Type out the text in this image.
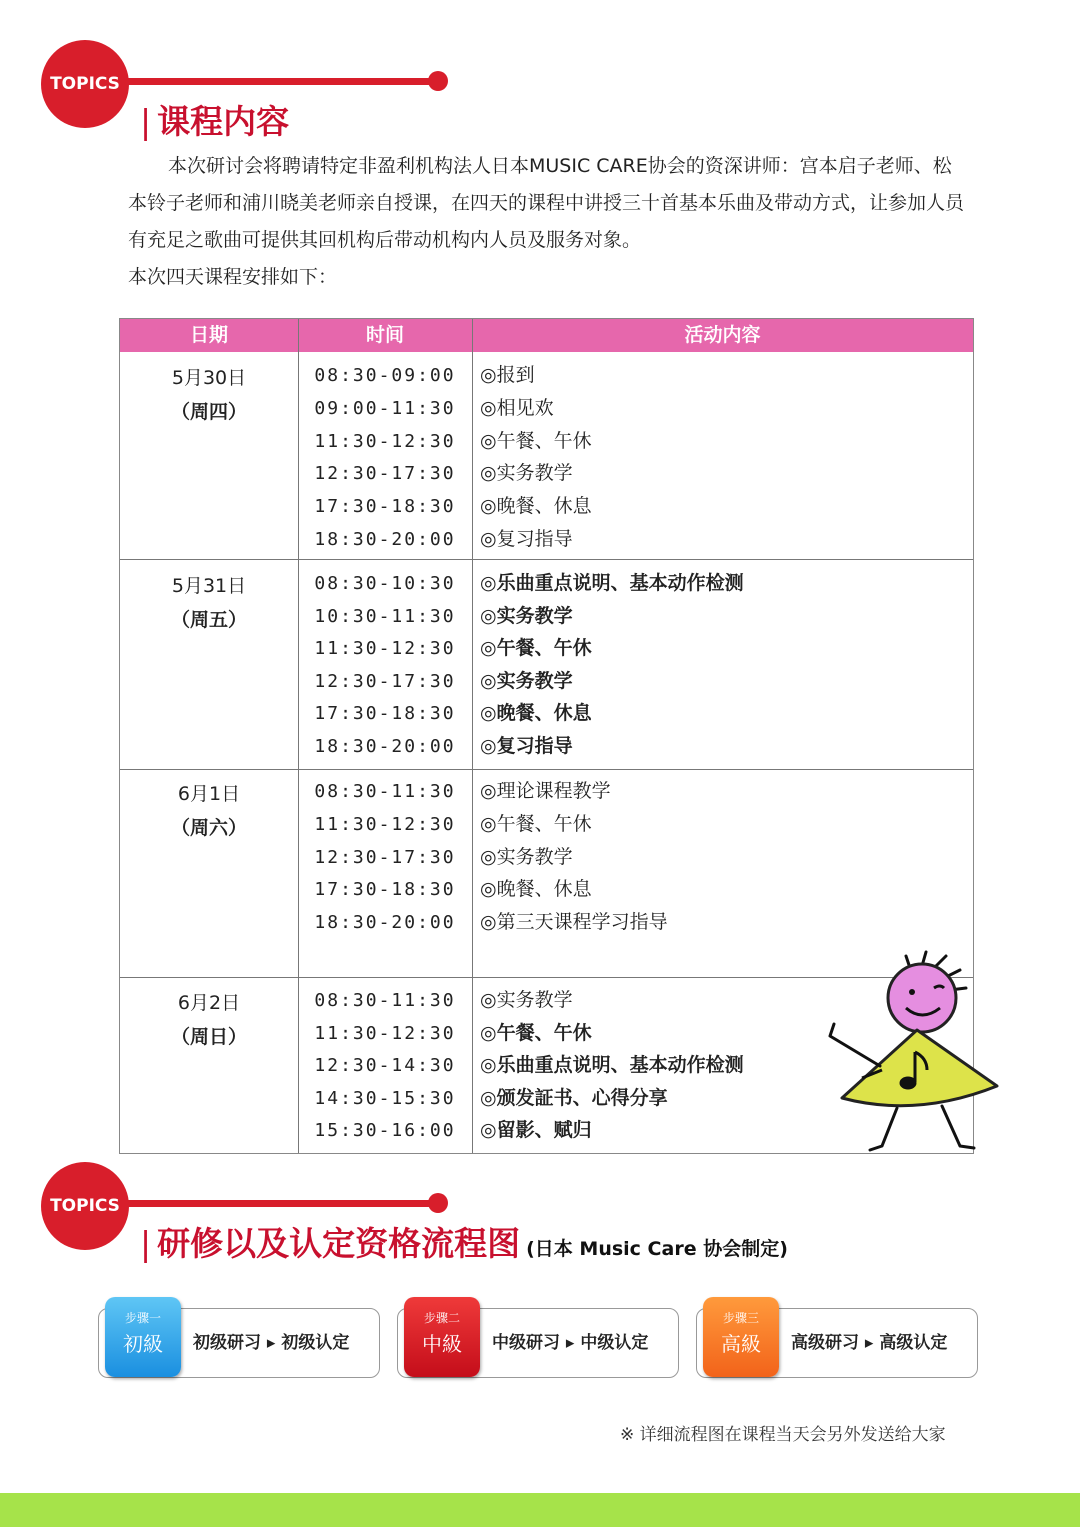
TOPICS
| 课程内容

本次研讨会将聘请特定非盈利机构法人日本MUSIC CARE协会的资深讲师：宫本启子老师、松本铃子老师和浦川晓美老师亲自授课，在四天的课程中讲授三十首基本乐曲及带动方式，让参加人员有充足之歌曲可提供其回机构后带动机构内人员及服务对象。

本次四天课程安排如下：

日期	时间	活动内容
5月30日
（周四）
08:30-09:00	◎报到
09:00-11:30	◎相见欢
11:30-12:30	◎午餐、午休
12:30-17:30	◎实务教学
17:30-18:30	◎晚餐、休息
18:30-20:00	◎复习指导
5月31日
（周五）
08:30-10:30	◎乐曲重点说明、基本动作检测
10:30-11:30	◎实务教学
11:30-12:30	◎午餐、午休
12:30-17:30	◎实务教学
17:30-18:30	◎晚餐、休息
18:30-20:00	◎复习指导
6月1日
（周六）
08:30-11:30	◎理论课程教学
11:30-12:30	◎午餐、午休
12:30-17:30	◎实务教学
17:30-18:30	◎晚餐、休息
18:30-20:00	◎第三天课程学习指导
6月2日
（周日）
08:30-11:30	◎实务教学
11:30-12:30	◎午餐、午休
12:30-14:30	◎乐曲重点说明、基本动作检测
14:30-15:30	◎颁发証书、心得分享
15:30-16:00	◎留影、赋归
TOPICS
| 研修以及认定资格流程图 (日本 Music Care 协会制定)
步骤一
初級	初级研习 ▸ 初级认定
步骤二
中級	中级研习 ▸ 中级认定
步骤三
高級	高级研习 ▸ 高级认定
※ 详细流程图在课程当天会另外发送给大家
